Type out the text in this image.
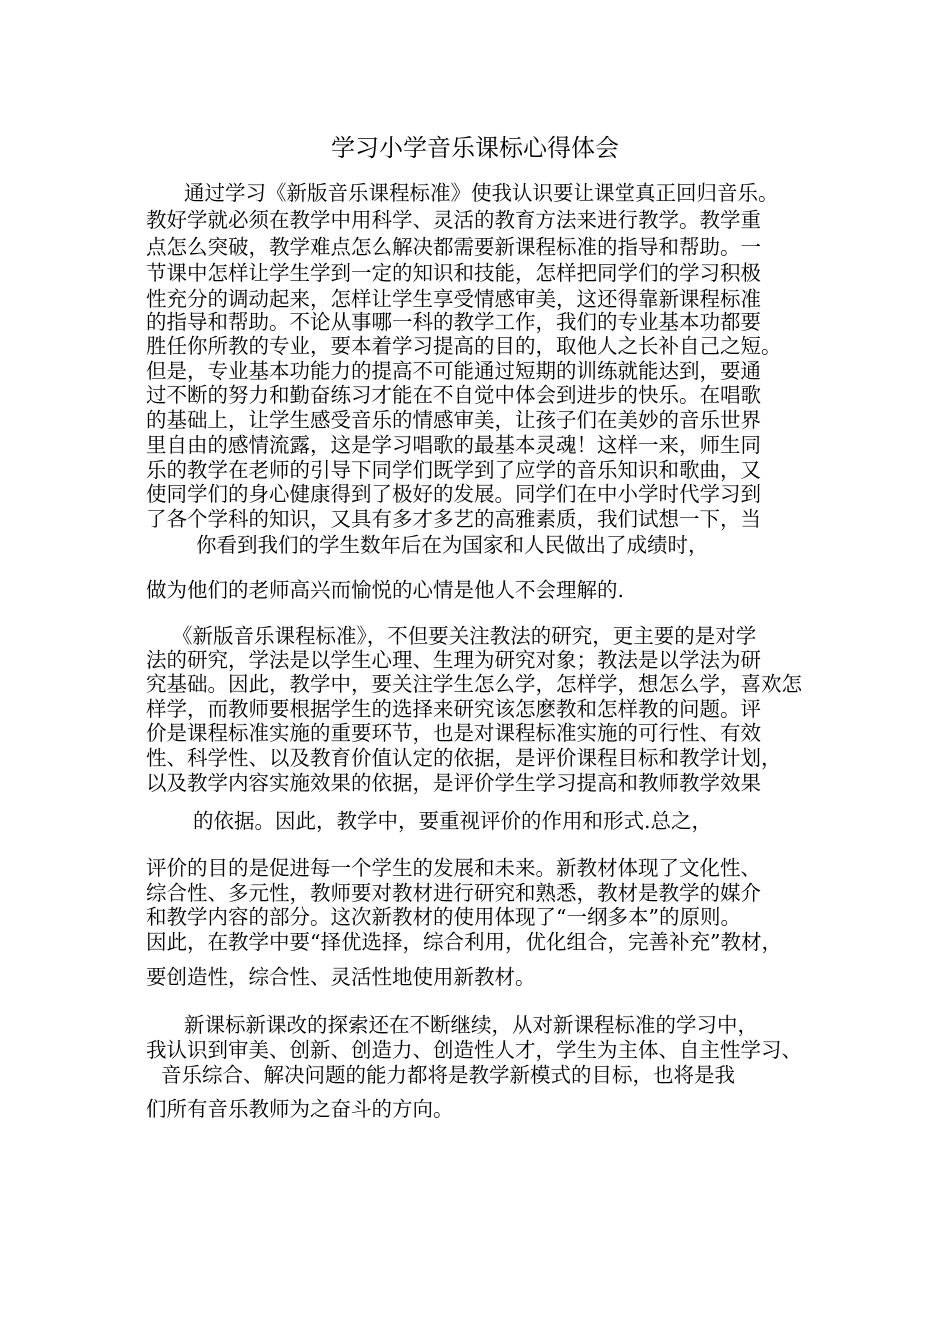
学习小学音乐课标心得体会
通过学习《新版音乐课程标准》使我认识要让课堂真正回归音乐。
教好学就必须在教学中用科学、灵活的教育方法来进行教学。教学重
点怎么突破，教学难点怎么解决都需要新课程标准的指导和帮助。一
节课中怎样让学生学到一定的知识和技能，怎样把同学们的学习积极
性充分的调动起来，怎样让学生享受情感审美，这还得靠新课程标准
的指导和帮助。不论从事哪一科的教学工作，我们的专业基本功都要
胜任你所教的专业，要本着学习提高的目的，取他人之长补自己之短。
但是，专业基本功能力的提高不可能通过短期的训练就能达到，要通
过不断的努力和勤奋练习才能在不自觉中体会到进步的快乐。在唱歌
的基础上，让学生感受音乐的情感审美，让孩子们在美妙的音乐世界
里自由的感情流露，这是学习唱歌的最基本灵魂！这样一来，师生同
乐的教学在老师的引导下同学们既学到了应学的音乐知识和歌曲，又
使同学们的身心健康得到了极好的发展。同学们在中小学时代学习到
了各个学科的知识，又具有多才多艺的高雅素质，我们试想一下，当
你看到我们的学生数年后在为国家和人民做出了成绩时，
做为他们的老师高兴而愉悦的心情是他人不会理解的.
《新版音乐课程标准》，不但要关注教法的研究，更主要的是对学
法的研究，学法是以学生心理、生理为研究对象；教法是以学法为研
究基础。因此，教学中，要关注学生怎么学，怎样学，想怎么学，喜欢怎
样学，而教师要根据学生的选择来研究该怎麽教和怎样教的问题。评
价是课程标准实施的重要环节，也是对课程标准实施的可行性、有效
性、科学性、以及教育价值认定的依据，是评价课程目标和教学计划，
以及教学内容实施效果的依据，是评价学生学习提高和教师教学效果
的依据。因此，教学中，要重视评价的作用和形式.总之，
评价的目的是促进每一个学生的发展和未来。新教材体现了文化性、
综合性、多元性，教师要对教材进行研究和熟悉，教材是教学的媒介
和教学内容的部分。这次新教材的使用体现了“一纲多本”的原则。
因此，在教学中要“择优选择，综合利用，优化组合，完善补充”教材，
要创造性，综合性、灵活性地使用新教材。
新课标新课改的探索还在不断继续，从对新课程标准的学习中，
我认识到审美、创新、创造力、创造性人才，学生为主体、自主性学习、
音乐综合、解决问题的能力都将是教学新模式的目标，也将是我
们所有音乐教师为之奋斗的方向。
